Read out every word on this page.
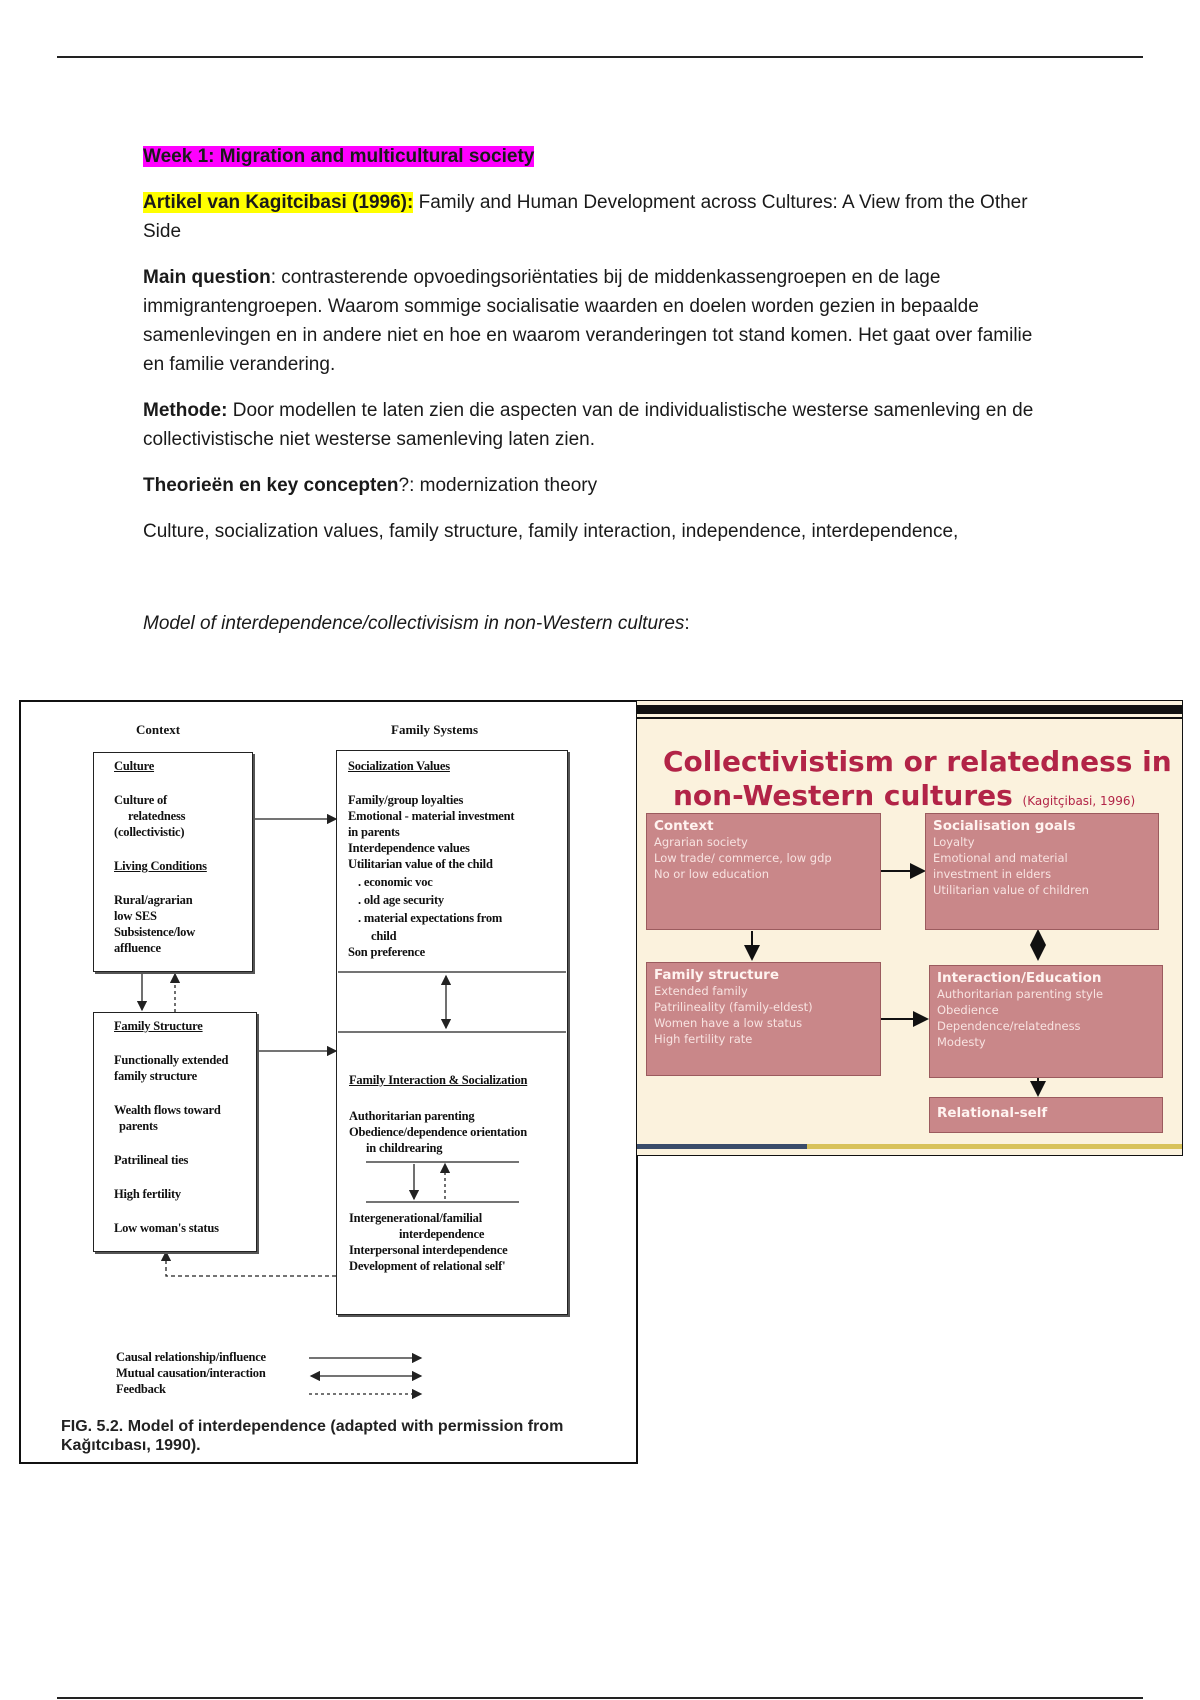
Week 1: Migration and multicultural society

Artikel van Kagitcibasi (1996): Family and Human Development across Cultures: A View from the Other Side

Main question: contrasterende opvoedingsoriëntaties bij de middenkassengroepen en de lage immigrantengroepen. Waarom sommige socialisatie waarden en doelen worden gezien in bepaalde samenlevingen en in andere niet en hoe en waarom veranderingen tot stand komen. Het gaat over familie en familie verandering.

Methode: Door modellen te laten zien die aspecten van de individualistische westerse samenleving en de collectivistische niet westerse samenleving laten zien.

Theorieën en key concepten?: modernization theory

Culture, socialization values, family structure, family interaction, independence, interdependence,

Model of interdependence/collectivisism in non-Western cultures:

Context	Family Systems
Culture
Culture of
relatedness
(collectivistic)
Living Conditions
Rural/agrarian
low SES
Subsistence/low
affluence
Socialization Values
Family/group loyalties
Emotional - material investment
in parents
Interdependence values
Utilitarian value of the child
. economic voc
. old age security
. material expectations from
child
Son preference
Family Structure
Functionally extended
family structure
Wealth flows toward
parents
Patrilineal ties
High fertility
Low woman's status
Family Interaction & Socialization
Authoritarian parenting
Obedience/dependence orientation
in childrearing
Intergenerational/familial
interdependence
Interpersonal interdependence
Development of relational self'
Causal relationship/influence
Mutual causation/interaction
Feedback
FIG. 5.2. Model of interdependence (adapted with permission from Kağıtcıbası, 1990).
Collectivistism or relatedness in
non-Western cultures (Kagitçibasi, 1996)
Context
Agrarian society
Low trade/ commerce, low gdp
No or low education
Socialisation goals
Loyalty
Emotional and material
investment in elders
Utilitarian value of children
Family structure
Extended family
Patrilineality (family-eldest)
Women have a low status
High fertility rate
Interaction/Education
Authoritarian parenting style
Obedience
Dependence/relatedness
Modesty
Relational-self
